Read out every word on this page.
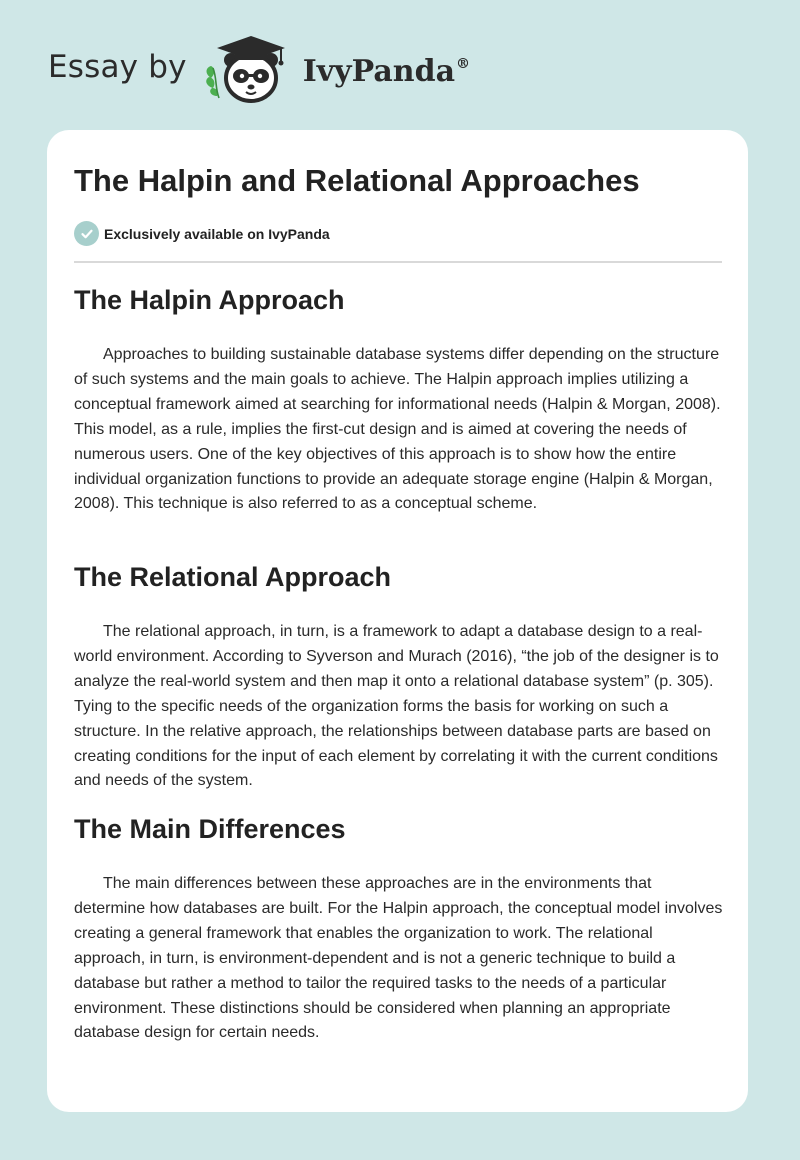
Essay by	IvyPanda®
The Halpin and Relational Approaches
Exclusively available on IvyPanda
The Halpin Approach

Approaches to building sustainable database systems differ depending on the structure of such systems and the main goals to achieve. The Halpin approach implies utilizing a conceptual framework aimed at searching for informational needs (Halpin & Morgan, 2008). This model, as a rule, implies the first-cut design and is aimed at covering the needs of numerous users. One of the key objectives of this approach is to show how the entire individual organization functions to provide an adequate storage engine (Halpin & Morgan, 2008). This technique is also referred to as a conceptual scheme.

The Relational Approach

The relational approach, in turn, is a framework to adapt a database design to a real-world environment. According to Syverson and Murach (2016), “the job of the designer is to analyze the real-world system and then map it onto a relational database system” (p. 305). Tying to the specific needs of the organization forms the basis for working on such a structure. In the relative approach, the relationships between database parts are based on creating conditions for the input of each element by correlating it with the current conditions and needs of the system.

The Main Differences

The main differences between these approaches are in the environments that determine how databases are built. For the Halpin approach, the conceptual model involves creating a general framework that enables the organization to work. The relational approach, in turn, is environment-dependent and is not a generic technique to build a database but rather a method to tailor the required tasks to the needs of a particular environment. These distinctions should be considered when planning an appropriate database design for certain needs.
